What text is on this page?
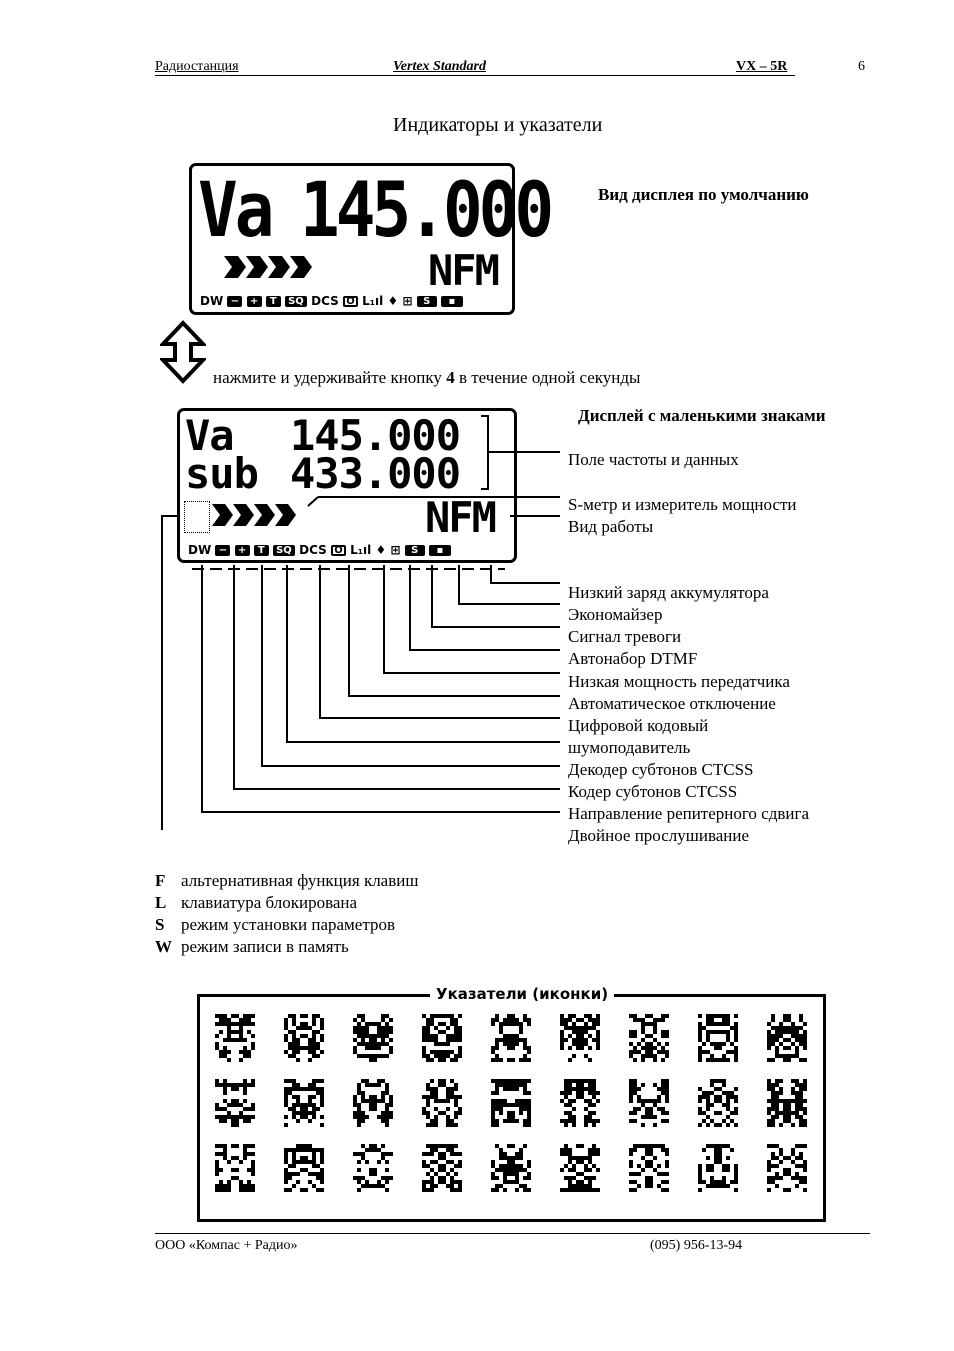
Радиостанция	Vertex Standard	VX – 5R	6
Индикаторы и указатели
Va 145.000
NFM
DW − + T SQ DCS O L₁ıl ♦ ⊞ S ▪
Вид дисплея по умолчанию
нажмите и удерживайте кнопку 4 в течение одной секунды
Va 145.000
sub 433.000
NFM
DW − + T SQ DCS O L₁ıl ♦ ⊞ S ▪
Дисплей с маленькими знаками
Поле частоты и данных
S-метр и измеритель мощности
Вид работы
Низкий заряд аккумулятора
Экономайзер
Сигнал тревоги
Автонабор DTMF
Низкая мощность передатчика
Автоматическое отключение
Цифровой кодовый
шумоподавитель
Декодер субтонов CTCSS
Кодер субтонов CTCSS
Направление репитерного сдвига
Двойное прослушивание
F альтернативная функция клавиш
L клавиатура блокирована
S режим установки параметров
W режим записи в память
Указатели (иконки)
ООО «Компас + Радио»	(095) 956-13-94
